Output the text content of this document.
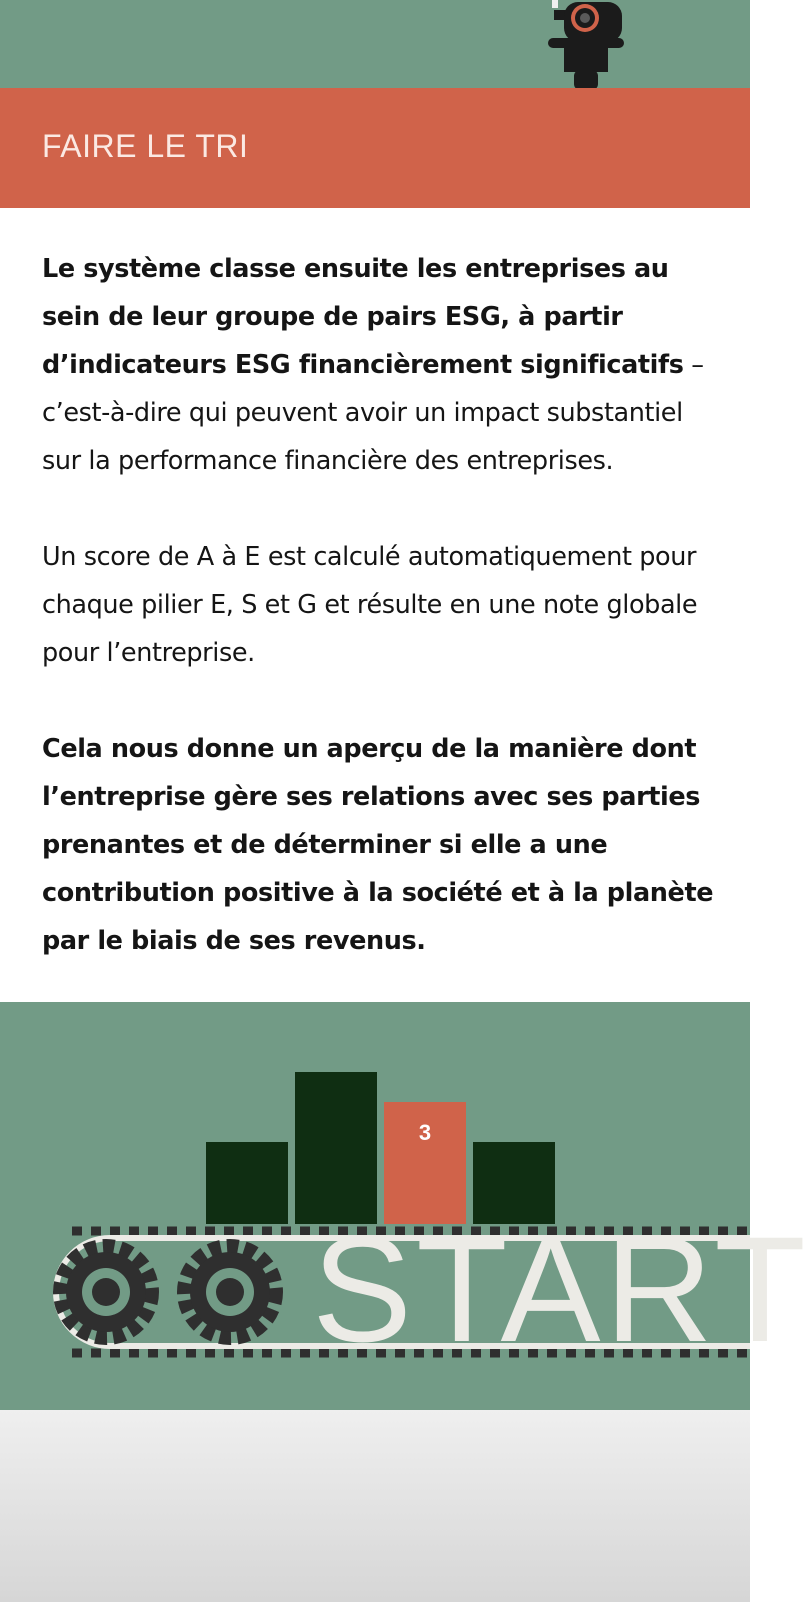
FAIRE LE TRI

Le système classe ensuite les entreprises au sein de leur groupe de pairs ESG, à partir d’indicateurs ESG financièrement significatifs – c’est-à-dire qui peuvent avoir un impact substantiel sur la performance financière des entreprises.

Un score de A à E est calculé automatiquement pour chaque pilier E, S et G et résulte en une note globale pour l’entreprise.

Cela nous donne un aperçu de la manière dont l’entreprise gère ses relations avec ses parties prenantes et de déterminer si elle a une contribution positive à la société et à la planète par le biais de ses revenus.

3
START
